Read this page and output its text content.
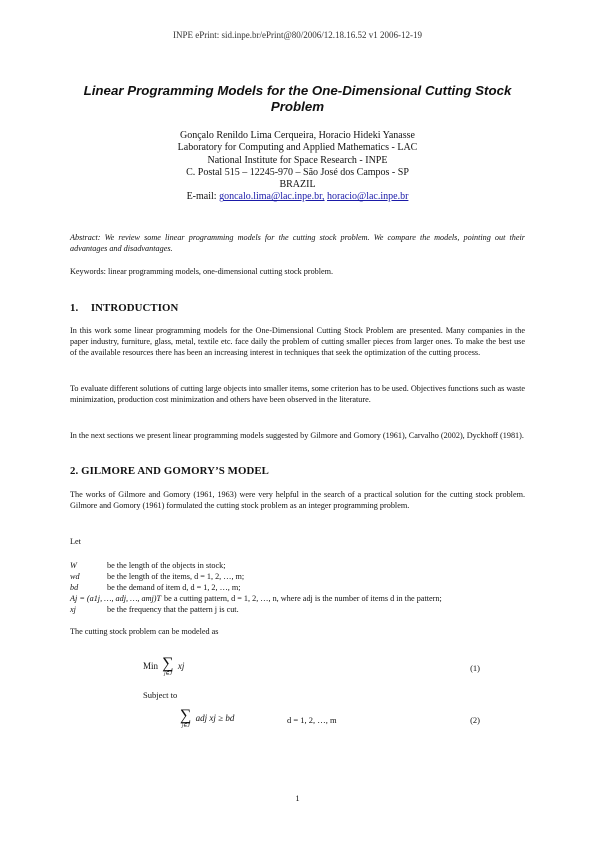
INPE ePrint: sid.inpe.br/ePrint@80/2006/12.18.16.52 v1 2006-12-19
Linear Programming Models for the One-Dimensional Cutting Stock Problem
Gonçalo Renildo Lima Cerqueira, Horacio Hideki Yanasse
Laboratory for Computing and Applied Mathematics - LAC
National Institute for Space Research - INPE
C. Postal 515 – 12245-970 – São José dos Campos - SP
BRAZIL
E-mail: goncalo.lima@lac.inpe.br, horacio@lac.inpe.br
Abstract: We review some linear programming models for the cutting stock problem. We compare the models, pointing out their advantages and disadvantages.
Keywords: linear programming models, one-dimensional cutting stock problem.
1. INTRODUCTION
In this work some linear programming models for the One-Dimensional Cutting Stock Problem are presented. Many companies in the paper industry, furniture, glass, metal, textile etc. face daily the problem of cutting smaller pieces from larger ones. To make the best use of the available resources there has been an increasing interest in techniques that seek the optimization of the cutting process.
To evaluate different solutions of cutting large objects into smaller items, some criterion has to be used. Objectives functions such as waste minimization, production cost minimization and others have been observed in the literature.
In the next sections we present linear programming models suggested by Gilmore and Gomory (1961), Carvalho (2002), Dyckhoff (1981).
2. GILMORE AND GOMORY’S MODEL
The works of Gilmore and Gomory (1961, 1963) were very helpful in the search of a practical solution for the cutting stock problem. Gilmore and Gomory (1961) formulated the cutting stock problem as an integer programming problem.
Let
W	be the length of the objects in stock;
wd	be the length of the items, d = 1, 2, …, m;
bd	be the demand of item d, d = 1, 2, …, m;
Aj = (a1j, …, adj, …, amj)T be a cutting pattern, d = 1, 2, …, n, where adj is the number of items d in the pattern;
xj	be the frequency that the pattern j is cut.
The cutting stock problem can be modeled as
Min ∑
j∈J
xj	(1)
Subject to
∑
j∈J
adj xj ≥ bd	d = 1, 2, …, m	(2)
1
